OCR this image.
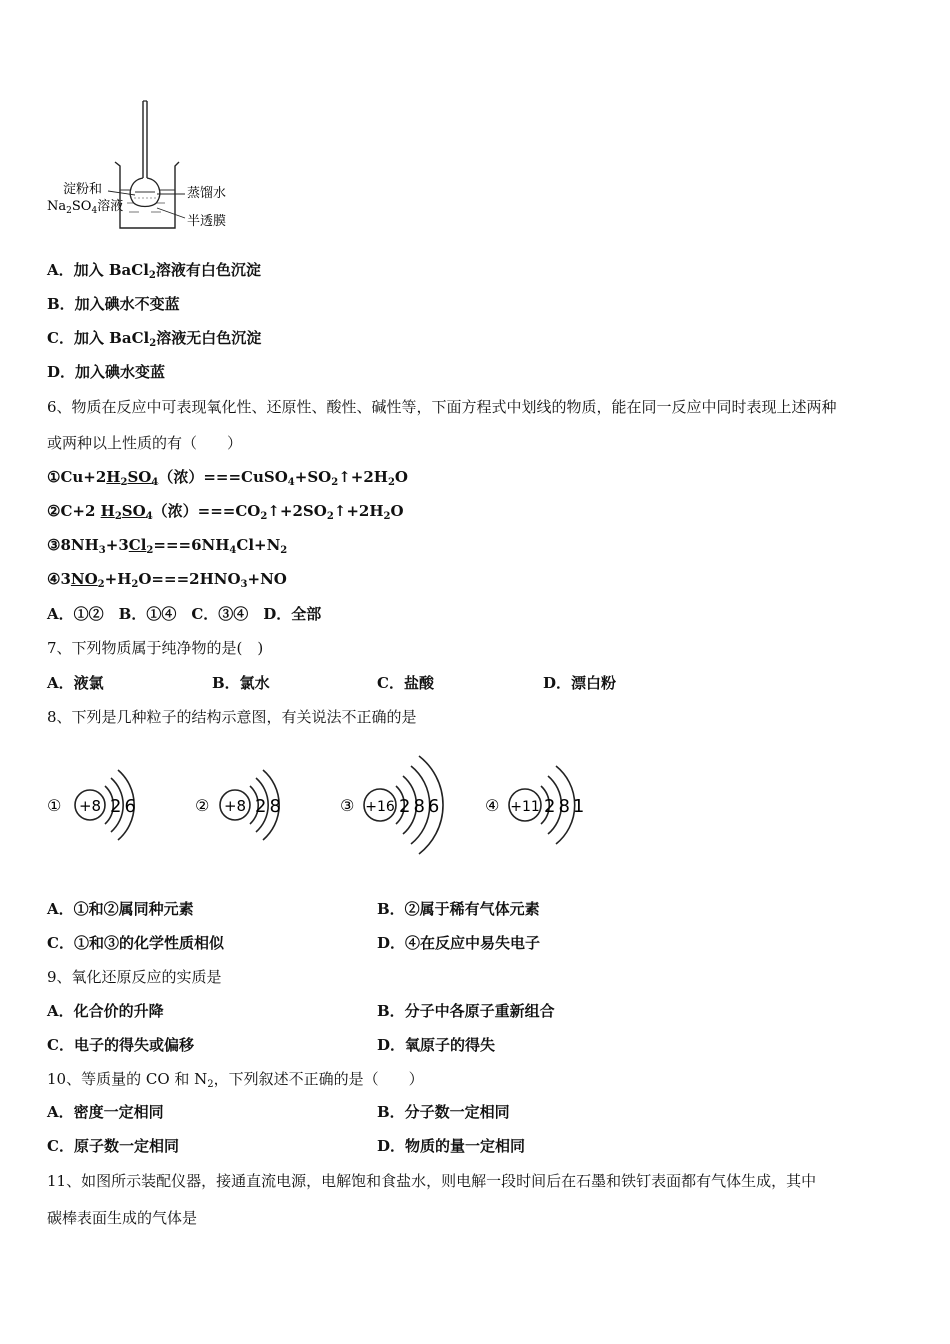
淀粉和
$Na_2SO_4$溶液
蒸馏水
半透膜
A．加入 BaCl$_2$溶液有白色沉淀
B．加入碘水不变蓝
C．加入 BaCl$_2$溶液无白色沉淀
D．加入碘水变蓝
6、物质在反应中可表现氧化性、还原性、酸性、碱性等，下面方程式中划线的物质，能在同一反应中同时表现上述两种
或两种以上性质的有（　　）
$①Cu+2H_2SO_4$（浓）$===CuSO_4+SO_2↑+2H_2O$
②C+2 $H_2SO_4$（浓）$===CO_2↑+2SO_2↑+2H_2O$
$③8NH_3+3Cl_2===6NH_4Cl+N_2$
$④3NO_2+H_2O===2HNO_3+NO$
A．①②　B．①④　C．③④　D．全部
7、下列物质属于纯净物的是(　)
A．液氯	B．氯水	C．盐酸	D．漂白粉
8、下列是几种粒子的结构示意图，有关说法不正确的是
① +8 26	② +8 28	③ +16 286	④ +11 281
A．①和②属同种元素	B．②属于稀有气体元素
C．①和③的化学性质相似	D．④在反应中易失电子
9、氧化还原反应的实质是
A．化合价的升降	B．分子中各原子重新组合
C．电子的得失或偏移	D．氧原子的得失
10、等质量的 CO 和 $N_2$，下列叙述不正确的是（　　）
A．密度一定相同	B．分子数一定相同
C．原子数一定相同	D．物质的量一定相同
11、如图所示装配仪器，接通直流电源，电解饱和食盐水，则电解一段时间后在石墨和铁钉表面都有气体生成，其中
碳棒表面生成的气体是
